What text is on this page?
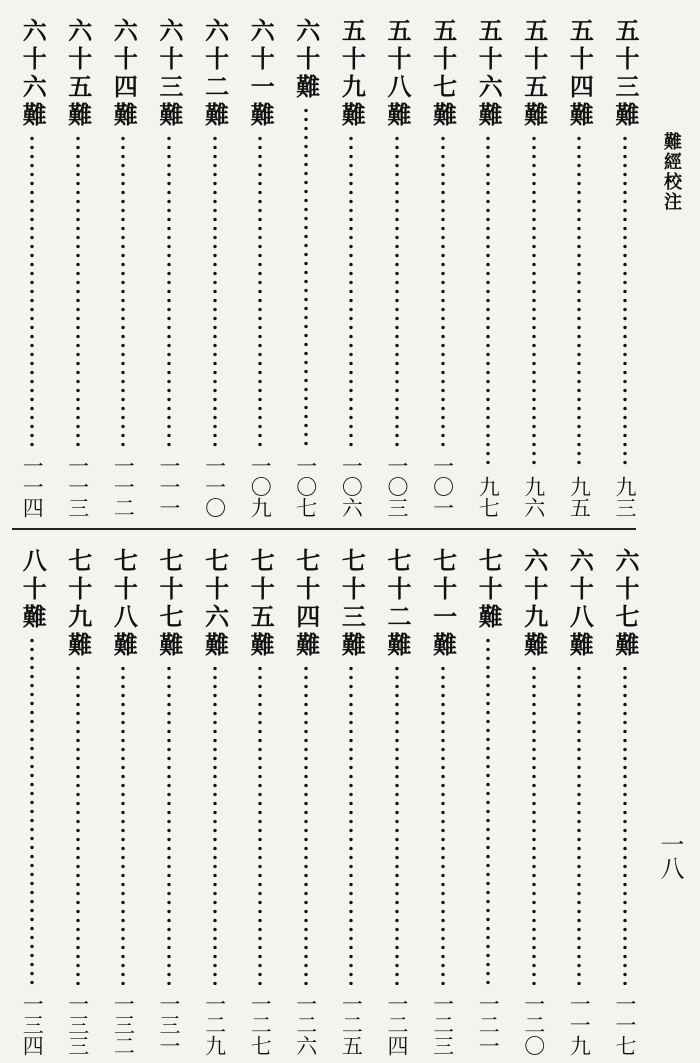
難經校注
一八
五十三難
九三
五十四難
九五
五十五難
九六
五十六難
九七
五十七難
一〇一
五十八難
一〇三
五十九難
一〇六
六十難
一〇七
六十一難
一〇九
六十二難
一一〇
六十三難
一一一
六十四難
一一二
六十五難
一一三
六十六難
一一四
六十七難
一一七
六十八難
一一九
六十九難
一二〇
七十難
一二一
七十一難
一二三
七十二難
一二四
七十三難
一二五
七十四難
一二六
七十五難
一二七
七十六難
一二九
七十七難
一三一
七十八難
一三二
七十九難
一三三
八十難
一三四
